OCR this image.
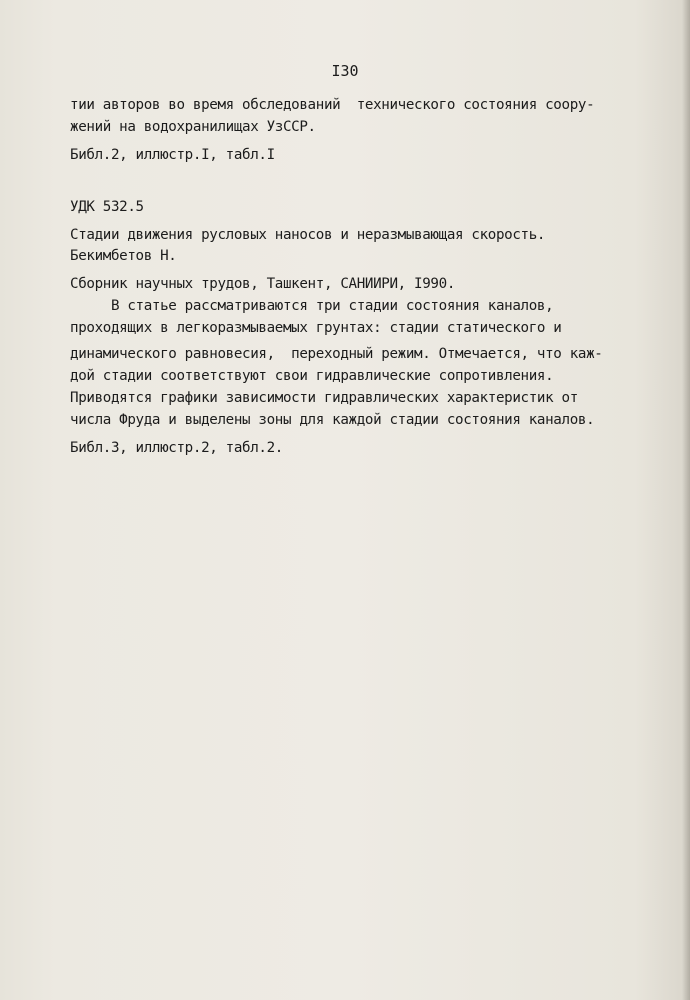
I30
тии авторов во время обследований  технического состояния соору-
жений на водохранилищах УзССР.
Библ.2, иллюстр.I, табл.I
УДК 532.5
Стадии движения русловых наносов и неразмывающая скорость.
Бекимбетов Н.
Сборник научных трудов, Ташкент, САНИИРИ, I990.
В статье рассматриваются три стадии состояния каналов,
проходящих в легкоразмываемых грунтах: стадии статического и
динамического равновесия,  переходный режим. Отмечается, что каж-
дой стадии соответствуют свои гидравлические сопротивления.
Приводятся графики зависимости гидравлических характеристик от
числа Фруда и выделены зоны для каждой стадии состояния каналов.
Библ.3, иллюстр.2, табл.2.
